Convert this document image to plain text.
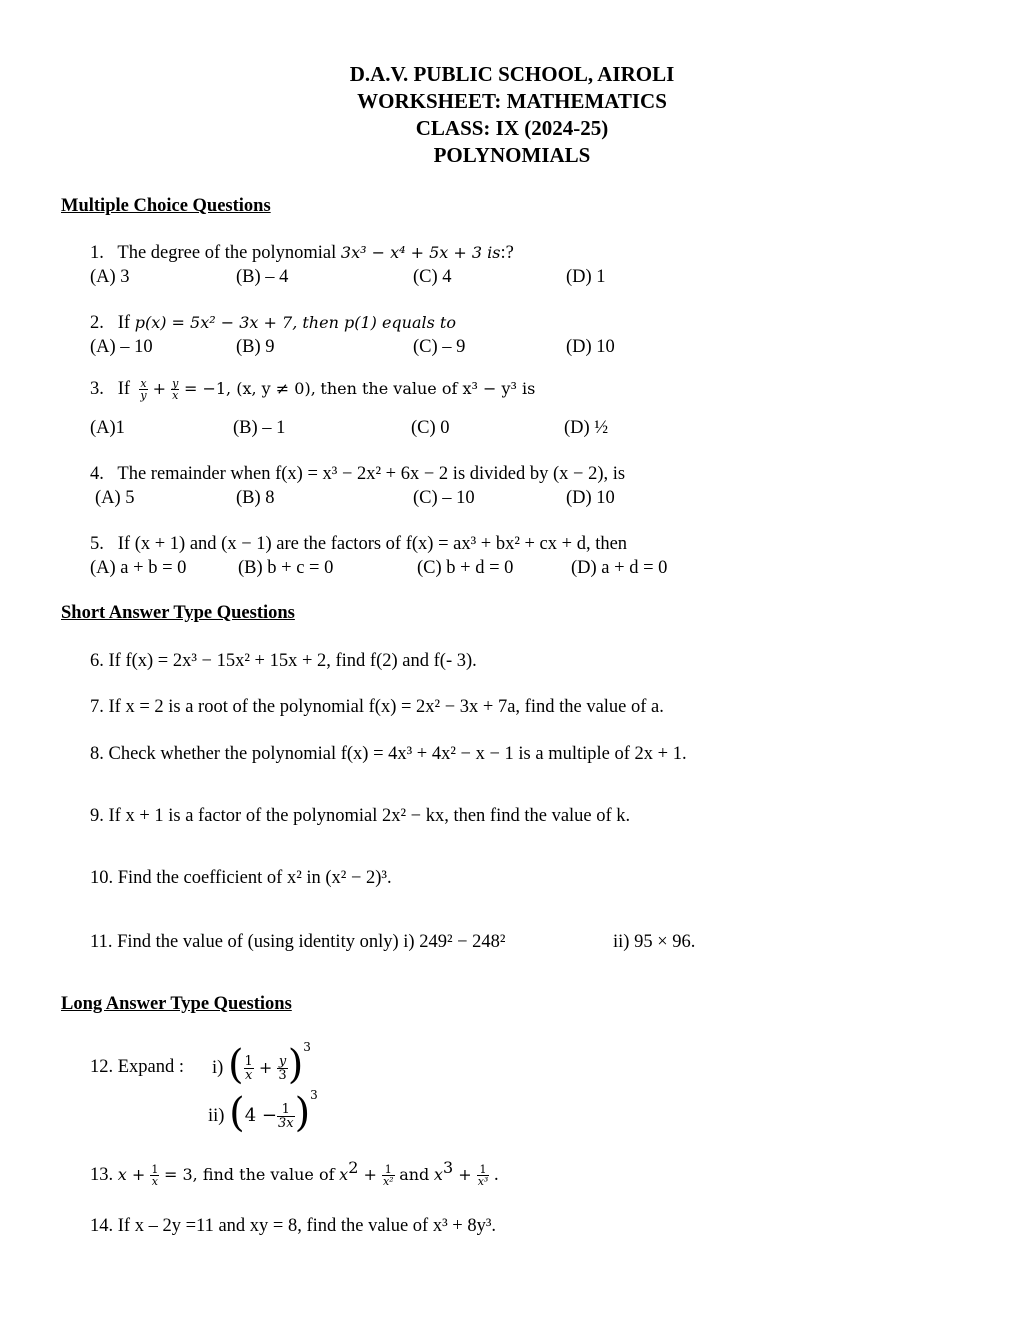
D.A.V. PUBLIC SCHOOL, AIROLI
WORKSHEET: MATHEMATICS
CLASS: IX (2024-25)
POLYNOMIALS
Multiple Choice Questions
1. The degree of the polynomial 3x³ − x⁴ + 5x + 3 is:?
(A) 3	(B) – 4	(C) 4	(D) 1
2. If p(x) = 5x² − 3x + 7, then p(1) equals to
(A) – 10	(B) 9	(C) – 9	(D) 10
3. If $\frac{x}{y} + \frac{y}{x} = -1$, (x, y ≠ 0), then the value of x³ − y³ is
(A)1	(B) – 1	(C) 0	(D) ½
4. The remainder when f(x) = x³ − 2x² + 6x − 2 is divided by (x − 2), is
(A) 5	(B) 8	(C) – 10	(D) 10
5. If (x + 1) and (x − 1) are the factors of f(x) = ax³ + bx² + cx + d, then
(A) a + b = 0	(B) b + c = 0	(C) b + d = 0	(D) a + d = 0
Short Answer Type Questions
6. If f(x) = 2x³ − 15x² + 15x + 2, find f(2) and f(- 3).
7. If x = 2 is a root of the polynomial f(x) = 2x² − 3x + 7a, find the value of a.
8. Check whether the polynomial f(x) = 4x³ + 4x² − x − 1 is a multiple of 2x + 1.
9. If x + 1 is a factor of the polynomial 2x² − kx, then find the value of k.
10. Find the coefficient of x² in (x² − 2)³.
11. Find the value of (using identity only) i) 249² − 248²	ii) 95 × 96.
Long Answer Type Questions
12. Expand : i) ( $\frac{1}{x} + \frac{y}{3} )^3$
ii) $(4 - \frac{1}{3x} )^3$
13. $x + \frac{1}{x} = 3$, find the value of $x^2 + \frac{1}{\text{x²}}$ and $x^3 + \frac{1}{\text{x³}}$ .
14. If x – 2y =11 and xy = 8, find the value of x³ + 8y³.
